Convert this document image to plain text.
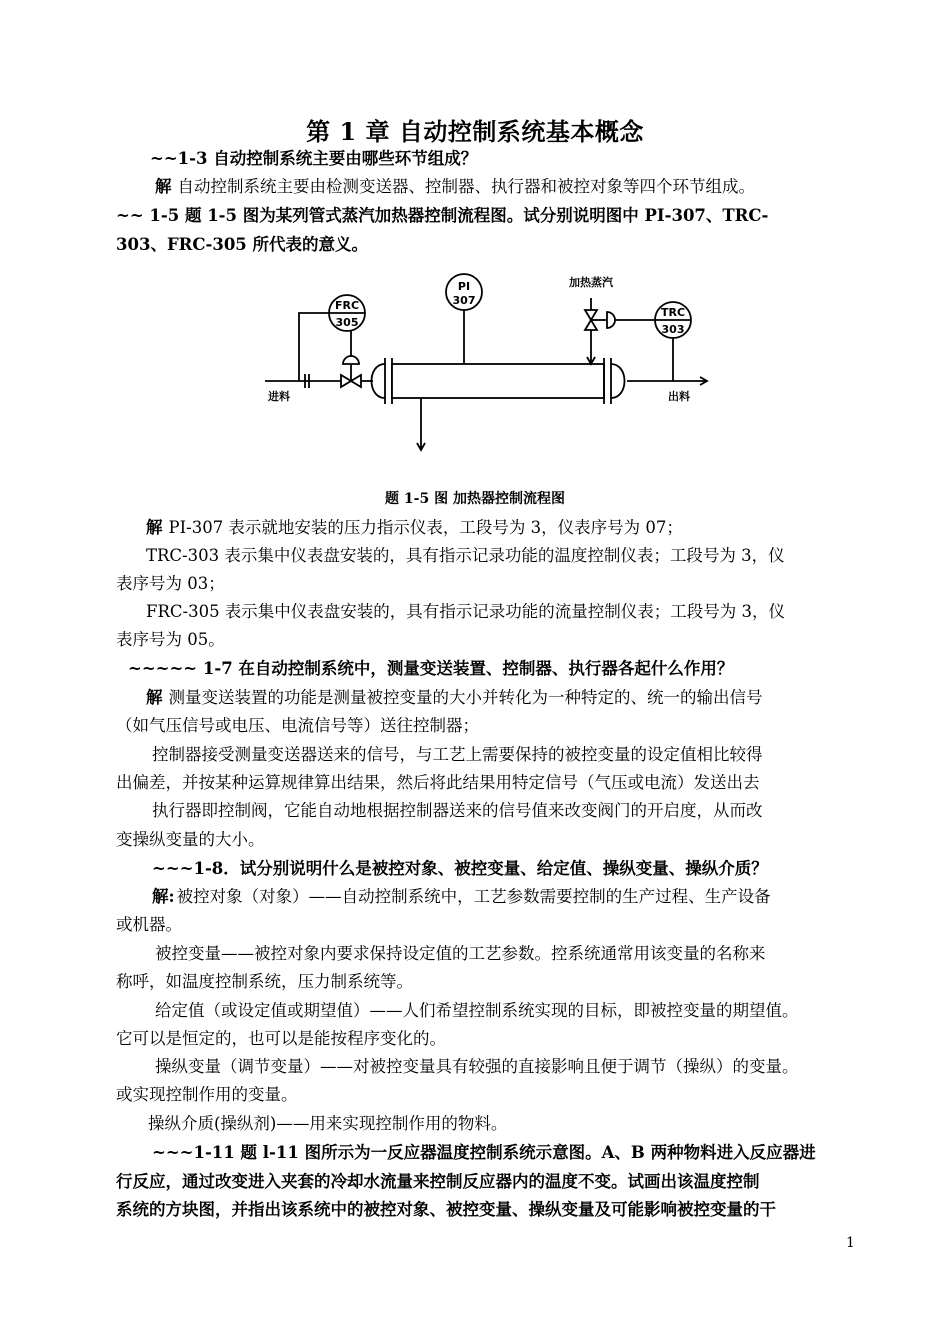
第 1 章 自动控制系统基本概念
~~1-3 自动控制系统主要由哪些环节组成？
解 自动控制系统主要由检测变送器、控制器、执行器和被控对象等四个环节组成。
~~ 1-5 题 1-5 图为某列管式蒸汽加热器控制流程图。试分别说明图中 PI-307、TRC-
303、FRC-305 所代表的意义。
FRC
305
PI
307
TRC
303
加热蒸汽
进料	出料
题 1-5 图 加热器控制流程图
解 PI-307 表示就地安装的压力指示仪表，工段号为 3，仪表序号为 07；
TRC-303 表示集中仪表盘安装的，具有指示记录功能的温度控制仪表；工段号为 3，仪
表序号为 03；
FRC-305 表示集中仪表盘安装的，具有指示记录功能的流量控制仪表；工段号为 3，仪
表序号为 05。
~~~~~ 1-7 在自动控制系统中，测量变送装置、控制器、执行器各起什么作用？
解 测量变送装置的功能是测量被控变量的大小并转化为一种特定的、统一的输出信号
（如气压信号或电压、电流信号等）送往控制器；
控制器接受测量变送器送来的信号，与工艺上需要保持的被控变量的设定值相比较得
出偏差，并按某种运算规律算出结果，然后将此结果用特定信号（气压或电流）发送出去
执行器即控制阀，它能自动地根据控制器送来的信号值来改变阀门的开启度，从而改
变操纵变量的大小。
~~~1-8．试分别说明什么是被控对象、被控变量、给定值、操纵变量、操纵介质？
解: 被控对象（对象）——自动控制系统中，工艺参数需要控制的生产过程、生产设备
或机器。
被控变量——被控对象内要求保持设定值的工艺参数。控系统通常用该变量的名称来
称呼，如温度控制系统，压力制系统等。
给定值（或设定值或期望值）——人们希望控制系统实现的目标，即被控变量的期望值。
它可以是恒定的，也可以是能按程序变化的。
操纵变量（调节变量）——对被控变量具有较强的直接影响且便于调节（操纵）的变量。
或实现控制作用的变量。
操纵介质(操纵剂)——用来实现控制作用的物料。
~~~1-11 题 l-11 图所示为一反应器温度控制系统示意图。A、B 两种物料进入反应器进
行反应，通过改变进入夹套的冷却水流量来控制反应器内的温度不变。试画出该温度控制
系统的方块图，并指出该系统中的被控对象、被控变量、操纵变量及可能影响被控变量的干
1
